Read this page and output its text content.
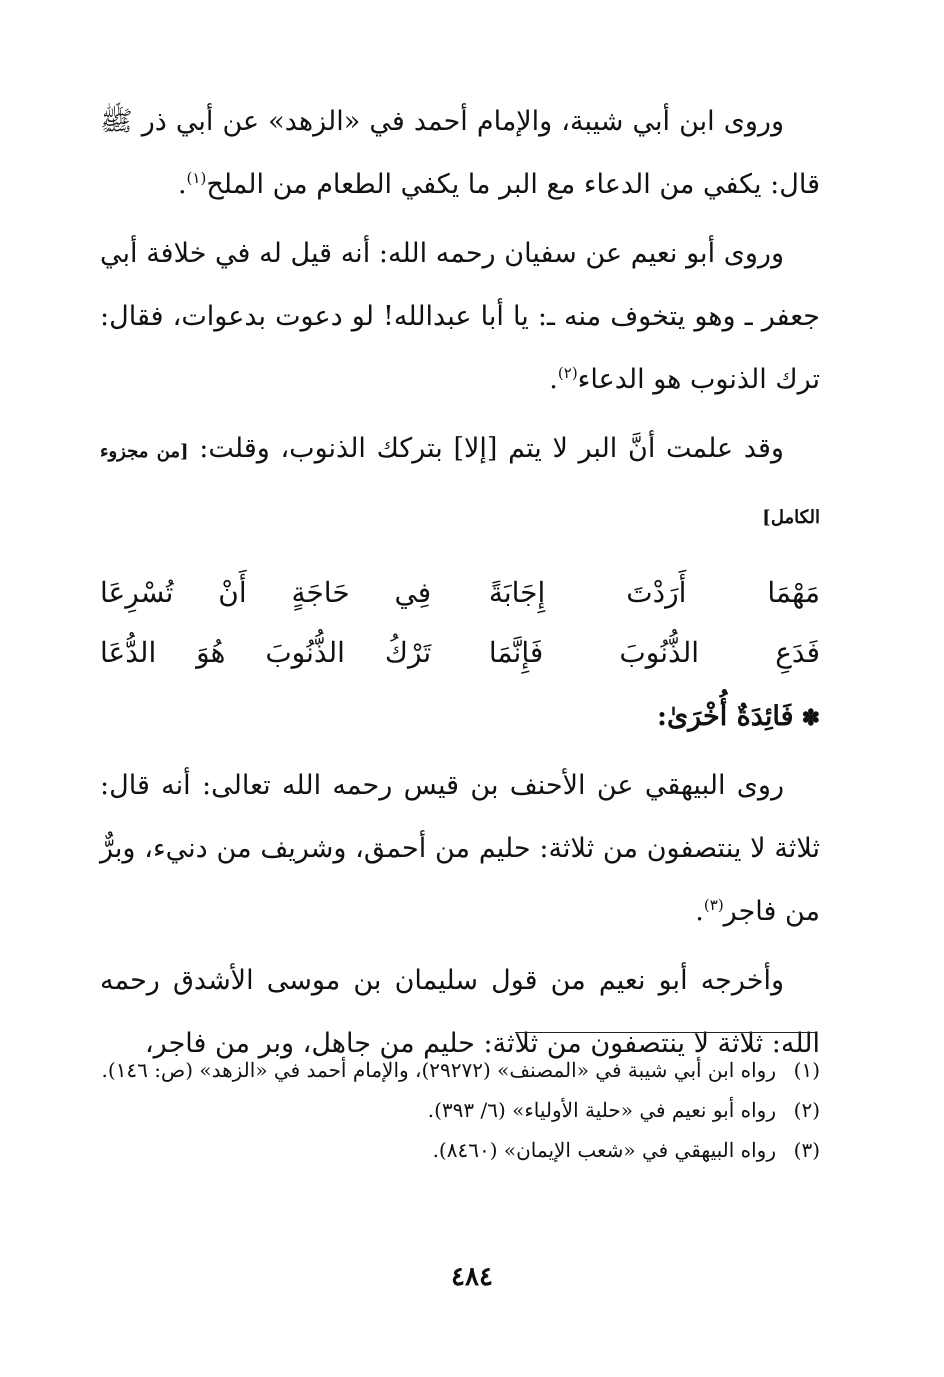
وروى ابن أبي شيبة، والإمام أحمد في «الزهد» عن أبي ذر ﷺ قال: يكفي من الدعاء مع البر ما يكفي الطعام من الملح$^{(١)}$.

وروى أبو نعيم عن سفيان رحمه الله: أنه قيل له في خلافة أبي جعفر ـ وهو يتخوف منه ـ: يا أبا عبدالله! لو دعوت بدعوات، فقال: ترك الذنوب هو الدعاء$^{(٢)}$.

وقد علمت أنَّ البر لا يتم [إلا] بتركك الذنوب، وقلت: [من مجزوء الكامل]

مَهْمَا أَرَدْتَ إِجَابَةً
فِي حَاجَةٍ أَنْ تُسْرِعَا
فَدَعِ الذُّنُوبَ فَإِنَّمَا
تَرْكُ الذُّنُوبَ هُوَ الدُّعَا
✽فَائِدَةٌ أُخْرَىٰ:

روى البيهقي عن الأحنف بن قيس رحمه الله تعالى: أنه قال: ثلاثة لا ينتصفون من ثلاثة: حليم من أحمق، وشريف من دنيء، وبرٌّ من فاجر$^{(٣)}$.

وأخرجه أبو نعيم من قول سليمان بن موسى الأشدق رحمه الله: ثلاثة لا ينتصفون من ثلاثة: حليم من جاهل، وبر من فاجر،

(١)
رواه ابن أبي شيبة في «المصنف» (٢٩٢٧٢)، والإمام أحمد في «الزهد» (ص: ١٤٦).
(٢)
رواه أبو نعيم في «حلية الأولياء» (٦/ ٣٩٣).
(٣)
رواه البيهقي في «شعب الإيمان» (٨٤٦٠).
٤٨٤
